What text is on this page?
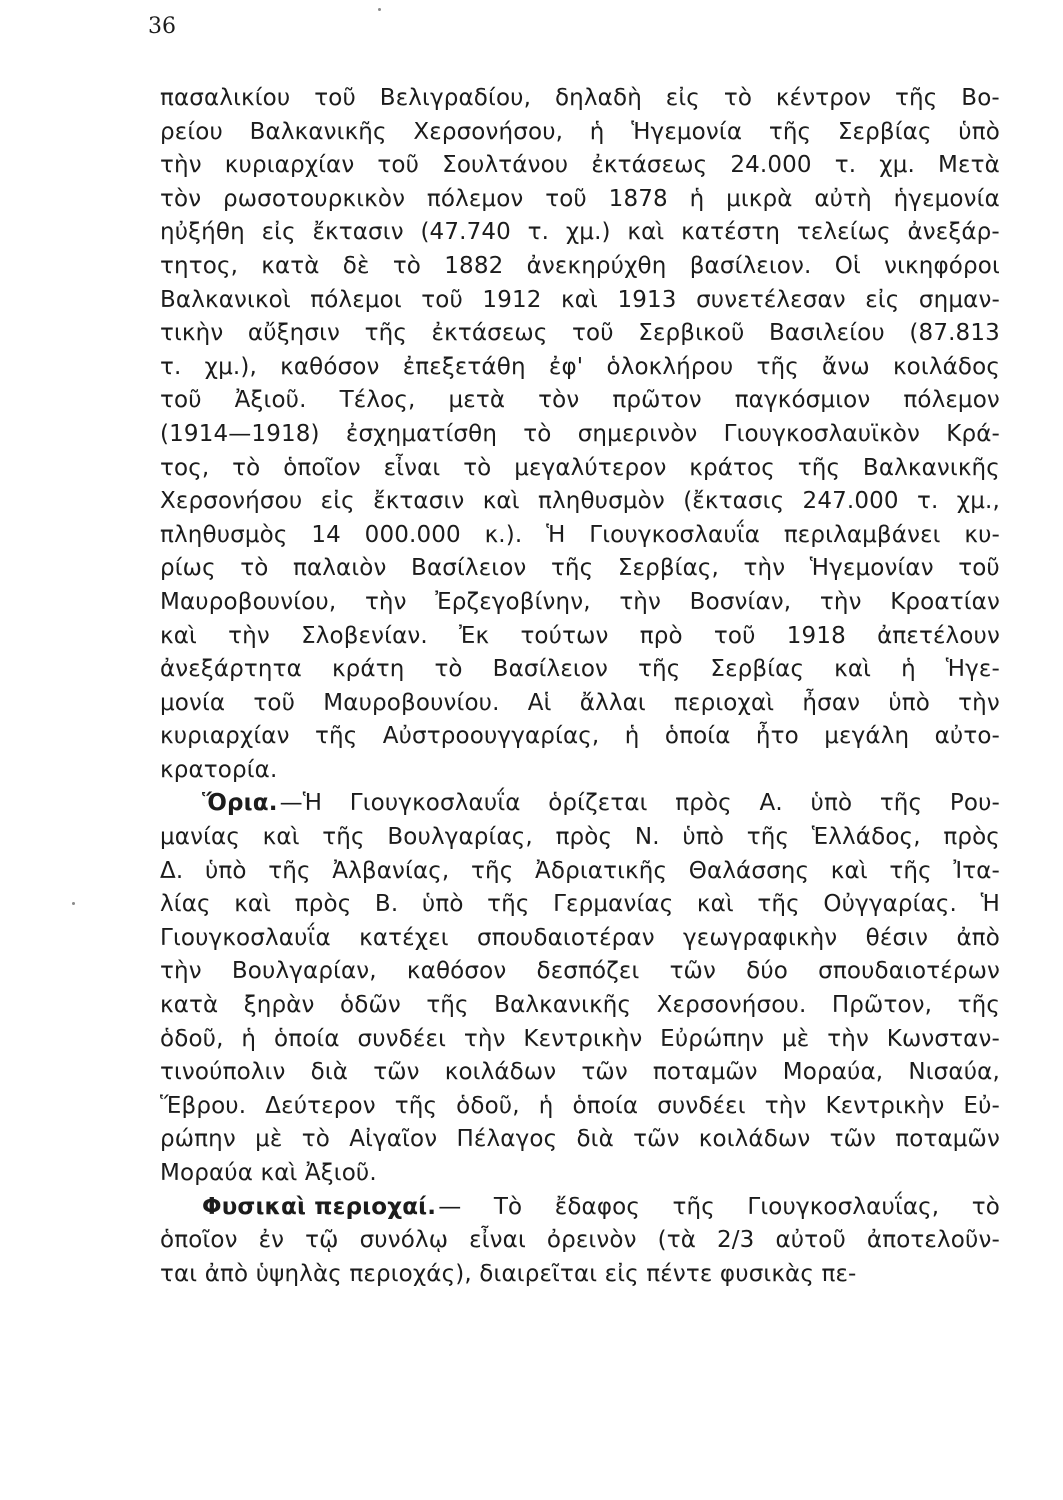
36
πασαλικίου τοῦ Βελιγραδίου, δηλαδὴ εἰς τὸ κέντρον τῆς Βο-
ρείου Βαλκανικῆς Χερσονήσου, ἡ Ἡγεμονία τῆς Σερβίας ὑπὸ
τὴν κυριαρχίαν τοῦ Σουλτάνου ἐκτάσεως 24.000 τ. χμ. Μετὰ
τὸν ρωσοτουρκικὸν πόλεμον τοῦ 1878 ἡ μικρὰ αὐτὴ ἡγεμονία
ηὐξήθη εἰς ἔκτασιν (47.740 τ. χμ.) καὶ κατέστη τελείως ἀνεξάρ-
τητος, κατὰ δὲ τὸ 1882 ἀνεκηρύχθη βασίλειον. Οἱ νικηφόροι
Βαλκανικοὶ πόλεμοι τοῦ 1912 καὶ 1913 συνετέλεσαν εἰς σημαν-
τικὴν αὔξησιν τῆς ἐκτάσεως τοῦ Σερβικοῦ Βασιλείου (87.813
τ. χμ.), καθόσον ἐπεξετάθη ἐφ' ὁλοκλήρου τῆς ἄνω κοιλάδος
τοῦ Ἀξιοῦ. Τέλος, μετὰ τὸν πρῶτον παγκόσμιον πόλεμον
(1914—1918) ἐσχηματίσθη τὸ σημερινὸν Γιουγκοσλαυϊκὸν Κρά-
τος, τὸ ὁποῖον εἶναι τὸ μεγαλύτερον κράτος τῆς Βαλκανικῆς
Χερσονήσου εἰς ἔκτασιν καὶ πληθυσμὸν (ἔκτασις 247.000 τ. χμ.,
πληθυσμὸς 14 000.000 κ.). Ἡ Γιουγκοσλαυΐα περιλαμβάνει κυ-
ρίως τὸ παλαιὸν Βασίλειον τῆς Σερβίας, τὴν Ἡγεμονίαν τοῦ
Μαυροβουνίου, τὴν Ἐρζεγοβίνην, τὴν Βοσνίαν, τὴν Κροατίαν
καὶ τὴν Σλοβενίαν. Ἐκ τούτων πρὸ τοῦ 1918 ἀπετέλουν
ἀνεξάρτητα κράτη τὸ Βασίλειον τῆς Σερβίας καὶ ἡ Ἡγε-
μονία τοῦ Μαυροβουνίου. Αἱ ἄλλαι περιοχαὶ ἦσαν ὑπὸ τὴν
κυριαρχίαν τῆς Αὐστροουγγαρίας, ἡ ὁποία ἦτο μεγάλη αὐτο-
κρατορία.
Ὅρια. —Ἡ Γιουγκοσλαυΐα ὁρίζεται πρὸς Α. ὑπὸ τῆς Ρου-
μανίας καὶ τῆς Βουλγαρίας, πρὸς Ν. ὑπὸ τῆς Ἑλλάδος, πρὸς
Δ. ὑπὸ τῆς Ἀλβανίας, τῆς Ἀδριατικῆς Θαλάσσης καὶ τῆς Ἰτα-
λίας καὶ πρὸς Β. ὑπὸ τῆς Γερμανίας καὶ τῆς Οὐγγαρίας. Ἡ
Γιουγκοσλαυΐα κατέχει σπουδαιοτέραν γεωγραφικὴν θέσιν ἀπὸ
τὴν Βουλγαρίαν, καθόσον δεσπόζει τῶν δύο σπουδαιοτέρων
κατὰ ξηρὰν ὁδῶν τῆς Βαλκανικῆς Χερσονήσου. Πρῶτον, τῆς
ὁδοῦ, ἡ ὁποία συνδέει τὴν Κεντρικὴν Εὐρώπην μὲ τὴν Κωνσταν-
τινούπολιν διὰ τῶν κοιλάδων τῶν ποταμῶν Μοραύα, Νισαύα,
Ἕβρου. Δεύτερον τῆς ὁδοῦ, ἡ ὁποία συνδέει τὴν Κεντρικὴν Εὐ-
ρώπην μὲ τὸ Αἰγαῖον Πέλαγος διὰ τῶν κοιλάδων τῶν ποταμῶν
Μοραύα καὶ Ἀξιοῦ.
Φυσικαὶ περιοχαί. — Τὸ ἔδαφος τῆς Γιουγκοσλαυΐας, τὸ
ὁποῖον ἐν τῷ συνόλῳ εἶναι ὀρεινὸν (τὰ 2/3 αὐτοῦ ἀποτελοῦν-
ται ἀπὸ ὑψηλὰς περιοχάς), διαιρεῖται εἰς πέντε φυσικὰς πε-
